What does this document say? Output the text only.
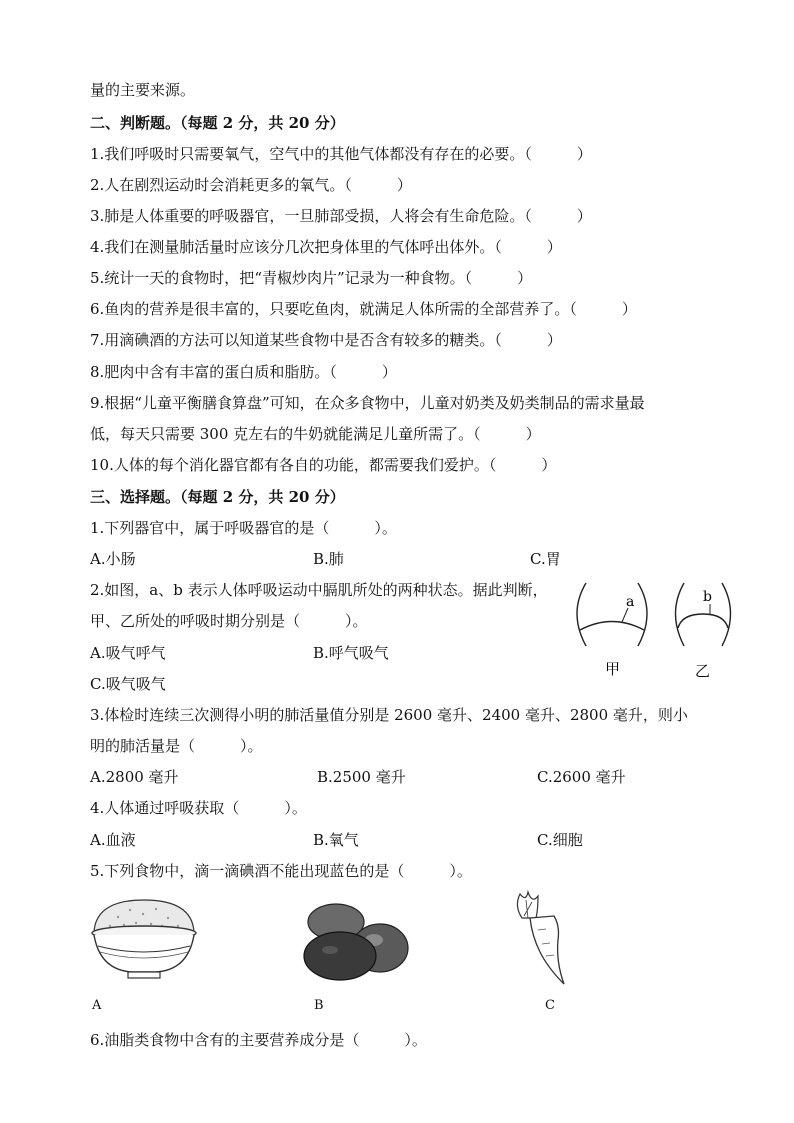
量的主要来源。
二、判断题。（每题 2 分，共 20 分）
1.我们呼吸时只需要氧气，空气中的其他气体都没有存在的必要。（　　　）
2.人在剧烈运动时会消耗更多的氧气。（　　　）
3.肺是人体重要的呼吸器官，一旦肺部受损，人将会有生命危险。（　　　）
4.我们在测量肺活量时应该分几次把身体里的气体呼出体外。（　　　）
5.统计一天的食物时，把“青椒炒肉片”记录为一种食物。（　　　）
6.鱼肉的营养是很丰富的，只要吃鱼肉，就满足人体所需的全部营养了。（　　　）
7.用滴碘酒的方法可以知道某些食物中是否含有较多的糖类。（　　　）
8.肥肉中含有丰富的蛋白质和脂肪。（　　　）
9.根据“儿童平衡膳食算盘”可知，在众多食物中，儿童对奶类及奶类制品的需求量最
低，每天只需要 300 克左右的牛奶就能满足儿童所需了。（　　　）
10.人体的每个消化器官都有各自的功能，都需要我们爱护。（　　　）
三、选择题。（每题 2 分，共 20 分）
1.下列器官中，属于呼吸器官的是（　　　）。
A.小肠	B.肺	C.胃
2.如图，a、b 表示人体呼吸运动中膈肌所处的两种状态。据此判断，
甲、乙所处的呼吸时期分别是（　　　）。
A.吸气呼气	B.呼气吸气
C.吸气吸气
a	b
甲	乙
3.体检时连续三次测得小明的肺活量值分别是 2600 毫升、2400 毫升、2800 毫升，则小
明的肺活量是（　　　）。
A.2800 毫升	B.2500 毫升	C.2600 毫升
4.人体通过呼吸获取（　　　）。
A.血液	B.氧气	C.细胞
5.下列食物中，滴一滴碘酒不能出现蓝色的是（　　　）。
A	B	C
6.油脂类食物中含有的主要营养成分是（　　　）。
